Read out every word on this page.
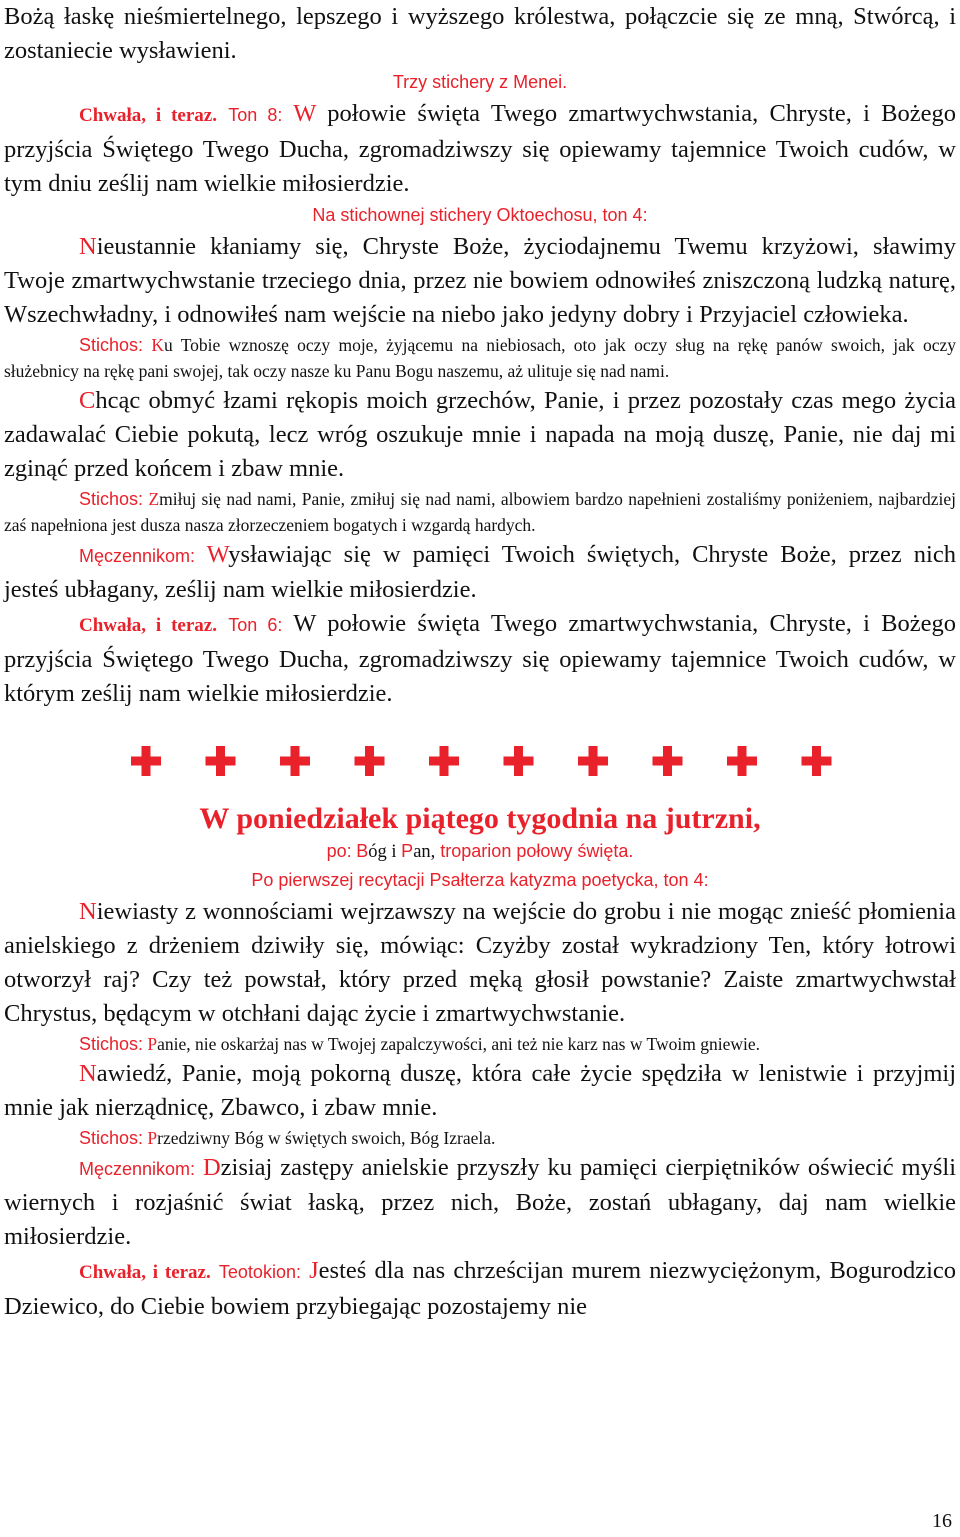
Bożą łaskę nieśmiertelnego, lepszego i wyższego królestwa, połączcie się ze mną, Stwórcą, i zostaniecie wysławieni.

Trzy stichery z Menei.

Chwała, i teraz. Ton 8: W połowie święta Twego zmartwychwstania, Chryste, i Bożego przyjścia Świętego Twego Ducha, zgromadziwszy się opiewamy tajemnice Twoich cudów, w tym dniu ześlij nam wielkie miłosierdzie.

Na stichownej stichery Oktoechosu, ton 4:

Nieustannie kłaniamy się, Chryste Boże, życiodajnemu Twemu krzyżowi, sławimy Twoje zmartwychwstanie trzeciego dnia, przez nie bowiem odnowiłeś zniszczoną ludzką naturę, Wszechwładny, i odnowiłeś nam wejście na niebo jako jedyny dobry i Przyjaciel człowieka.

Stichos: Ku Tobie wznoszę oczy moje, żyjącemu na niebiosach, oto jak oczy sług na rękę panów swoich, jak oczy służebnicy na rękę pani swojej, tak oczy nasze ku Panu Bogu naszemu, aż ulituje się nad nami.

Chcąc obmyć łzami rękopis moich grzechów, Panie, i przez pozostały czas mego życia zadawalać Ciebie pokutą, lecz wróg oszukuje mnie i napada na moją duszę, Panie, nie daj mi zginąć przed końcem i zbaw mnie.

Stichos: Zmiłuj się nad nami, Panie, zmiłuj się nad nami, albowiem bardzo napełnieni zostaliśmy poniżeniem, najbardziej zaś napełniona jest dusza nasza złorzeczeniem bogatych i wzgardą hardych.

Męczennikom: Wysławiając się w pamięci Twoich świętych, Chryste Boże, przez nich jesteś ubłagany, ześlij nam wielkie miłosierdzie.

Chwała, i teraz. Ton 6: W połowie święta Twego zmartwychwstania, Chryste, i Bożego przyjścia Świętego Twego Ducha, zgromadziwszy się opiewamy tajemnice Twoich cudów, w którym ześlij nam wielkie miłosierdzie.

W poniedziałek piątego tygodnia na jutrzni,

po: Bóg i Pan, troparion połowy święta.

Po pierwszej recytacji Psałterza katyzma poetycka, ton 4:

Niewiasty z wonnościami wejrzawszy na wejście do grobu i nie mogąc znieść płomienia anielskiego z drżeniem dziwiły się, mówiąc: Czyżby został wykradziony Ten, który łotrowi otworzył raj? Czy też powstał, który przed męką głosił powstanie? Zaiste zmartwychwstał Chrystus, będącym w otchłani dając życie i zmartwychwstanie.

Stichos: Panie, nie oskarżaj nas w Twojej zapalczywości, ani też nie karz nas w Twoim gniewie.

Nawiedź, Panie, moją pokorną duszę, która całe życie spędziła w lenistwie i przyjmij mnie jak nierządnicę, Zbawco, i zbaw mnie.

Stichos: Przedziwny Bóg w świętych swoich, Bóg Izraela.

Męczennikom: Dzisiaj zastępy anielskie przyszły ku pamięci cierpiętników oświecić myśli wiernych i rozjaśnić świat łaską, przez nich, Boże, zostań ubłagany, daj nam wielkie miłosierdzie.

Chwała, i teraz. Teotokion: Jesteś dla nas chrześcijan murem niezwyciężonym, Bogurodzico Dziewico, do Ciebie bowiem przybiegając pozostajemy nie

16
